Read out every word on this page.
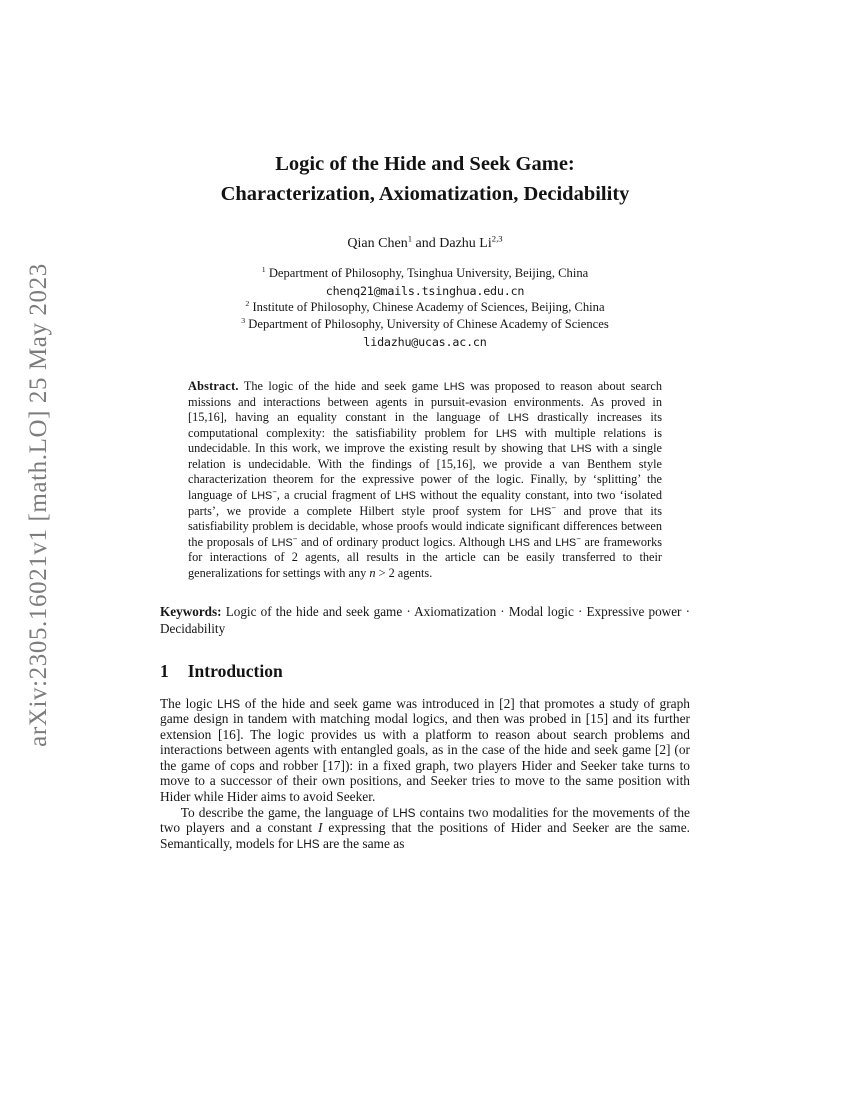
arXiv:2305.16021v1 [math.LO] 25 May 2023
Logic of the Hide and Seek Game:
Characterization, Axiomatization, Decidability
Qian Chen$^1$ and Dazhu Li$^{2,3}$
$^1$ Department of Philosophy, Tsinghua University, Beijing, China
chenq21@mails.tsinghua.edu.cn
$^2$ Institute of Philosophy, Chinese Academy of Sciences, Beijing, China
$^3$ Department of Philosophy, University of Chinese Academy of Sciences
lidazhu@ucas.ac.cn
Abstract. The logic of the hide and seek game LHS was proposed to reason about search missions and interactions between agents in pursuit-evasion environments. As proved in [15,16], having an equality constant in the language of LHS drastically increases its computational complexity: the satisfiability problem for LHS with multiple relations is undecidable. In this work, we improve the existing result by showing that LHS with a single relation is undecidable. With the findings of [15,16], we provide a van Benthem style characterization theorem for the expressive power of the logic. Finally, by ‘splitting’ the language of LHS−, a crucial fragment of LHS without the equality constant, into two ‘isolated parts’, we provide a complete Hilbert style proof system for LHS− and prove that its satisfiability problem is decidable, whose proofs would indicate significant differences between the proposals of LHS− and of ordinary product logics. Although LHS and LHS− are frameworks for interactions of 2 agents, all results in the article can be easily transferred to their generalizations for settings with any n > 2 agents.
Keywords: Logic of the hide and seek game · Axiomatization · Modal logic · Expressive power · Decidability
1 Introduction

The logic LHS of the hide and seek game was introduced in [2] that promotes a study of graph game design in tandem with matching modal logics, and then was probed in [15] and its further extension [16]. The logic provides us with a platform to reason about search problems and interactions between agents with entangled goals, as in the case of the hide and seek game [2] (or the game of cops and robber [17]): in a fixed graph, two players Hider and Seeker take turns to move to a successor of their own positions, and Seeker tries to move to the same position with Hider while Hider aims to avoid Seeker.

To describe the game, the language of LHS contains two modalities for the movements of the two players and a constant I expressing that the positions of Hider and Seeker are the same. Semantically, models for LHS are the same as
